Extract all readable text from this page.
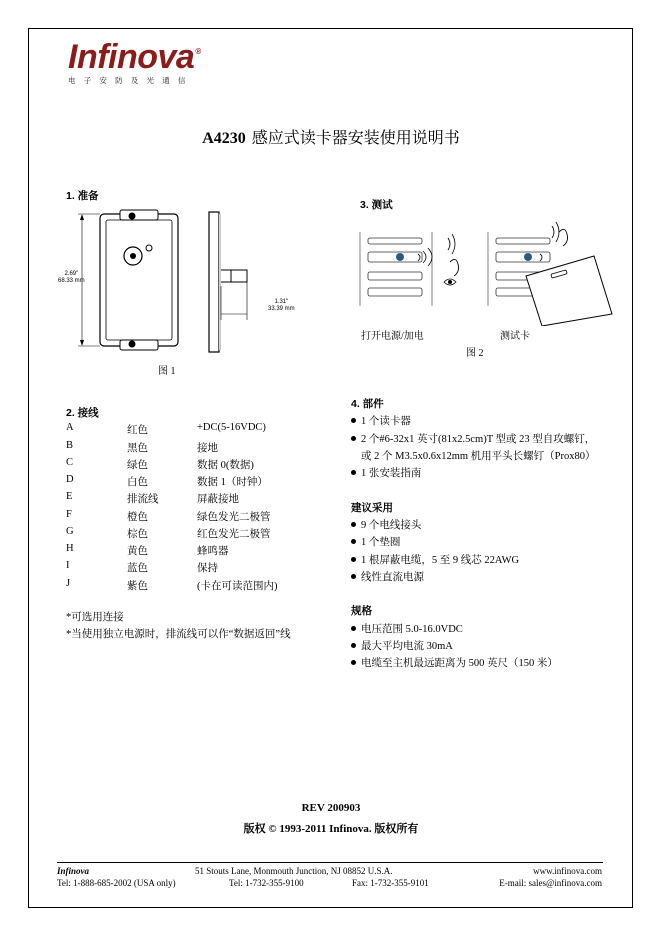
Infinova®
电子安防及光通信
A4230 感应式读卡器安装使用说明书
1. 准备
2.69"
68.33 mm
1.31"
33.39 mm
图 1
3. 测试
打开电源/加电	测试卡
图 2
2. 接线
A	红色	+DC(5-16VDC)
B	黑色	接地
C	绿色	数据 0(数据)
D	白色	数据 1（时钟）
E	排流线	屏蔽接地
F	橙色	绿色发光二极管
G	棕色	红色发光二极管
H	黄色	蜂鸣器
I	蓝色	保持
J	紫色	(卡在可读范围内)
*可选用连接
*当使用独立电源时，排流线可以作“数据返回”线
4. 部件
1 个读卡器
2 个#6-32x1 英寸(81x2.5cm)T 型或 23 型自攻螺钉，
或 2 个 M3.5x0.6x12mm 机用平头长螺钉（Prox80）
1 张安装指南
建议采用
9 个电线接头
1 个垫圈
1 根屏蔽电缆，5 至 9 线芯 22AWG
线性直流电源
规格
电压范围 5.0-16.0VDC
最大平均电流 30mA
电缆至主机最远距离为 500 英尺（150 米）
REV 200903
版权 © 1993-2011 Infinova. 版权所有
Infinova	51 Stouts Lane, Monmouth Junction, NJ 08852 U.S.A.	www.infinova.com
Tel: 1-888-685-2002 (USA only)	Tel: 1-732-355-9100	Fax: 1-732-355-9101	E-mail: sales@infinova.com
